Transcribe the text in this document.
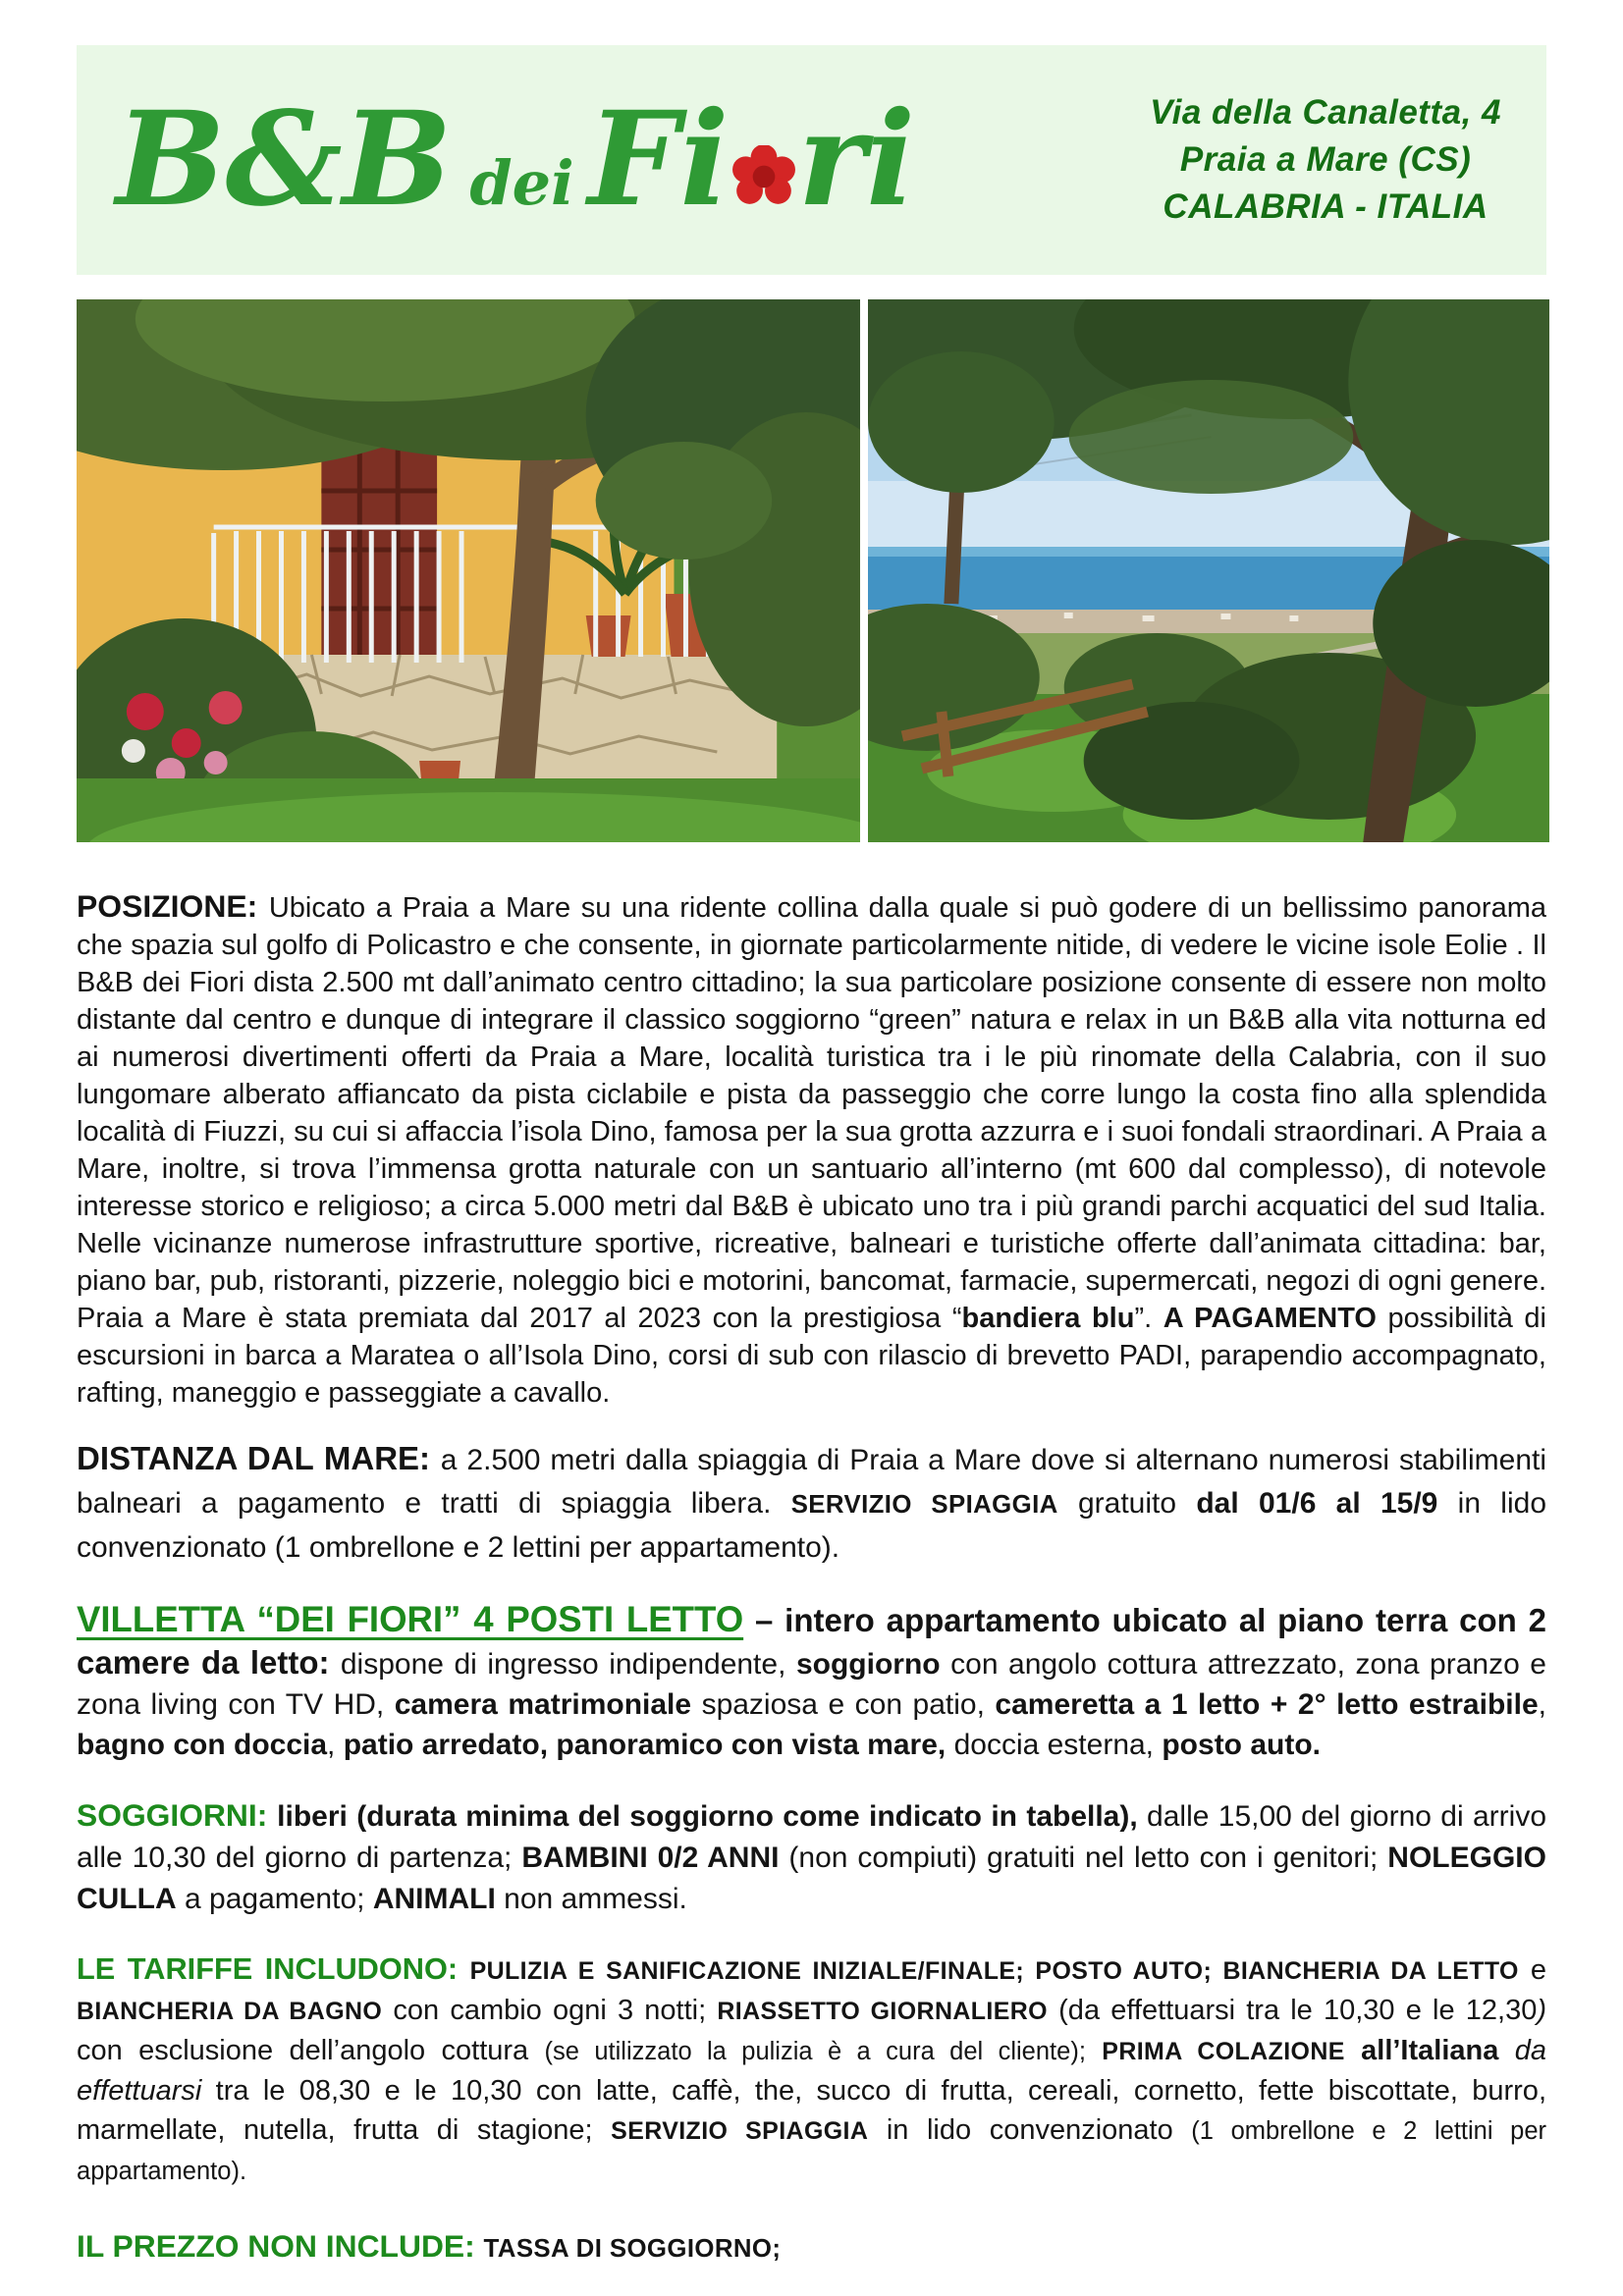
B&B dei Fi ri	Via della Canaletta, 4
Praia a Mare (CS)
CALABRIA - ITALIA

POSIZIONE: Ubicato a Praia a Mare su una ridente collina dalla quale si può godere di un bellissimo panorama che spazia sul golfo di Policastro e che consente, in giornate particolarmente nitide, di vedere le vicine isole Eolie . Il B&B dei Fiori dista 2.500 mt dall’animato centro cittadino; la sua particolare posizione consente di essere non molto distante dal centro e dunque di integrare il classico soggiorno “green” natura e relax in un B&B alla vita notturna ed ai numerosi divertimenti offerti da Praia a Mare, località turistica tra i le più rinomate della Calabria, con il suo lungomare alberato affiancato da pista ciclabile e pista da passeggio che corre lungo la costa fino alla splendida località di Fiuzzi, su cui si affaccia l’isola Dino, famosa per la sua grotta azzurra e i suoi fondali straordinari. A Praia a Mare, inoltre, si trova l’immensa grotta naturale con un santuario all’interno (mt 600 dal complesso), di notevole interesse storico e religioso; a circa 5.000 metri dal B&B è ubicato uno tra i più grandi parchi acquatici del sud Italia. Nelle vicinanze numerose infrastrutture sportive, ricreative, balneari e turistiche offerte dall’animata cittadina: bar, piano bar, pub, ristoranti, pizzerie, noleggio bici e motorini, bancomat, farmacie, supermercati, negozi di ogni genere. Praia a Mare è stata premiata dal 2017 al 2023 con la prestigiosa “bandiera blu”. A PAGAMENTO possibilità di escursioni in barca a Maratea o all’Isola Dino, corsi di sub con rilascio di brevetto PADI, parapendio accompagnato, rafting, maneggio e passeggiate a cavallo.

DISTANZA DAL MARE: a 2.500 metri dalla spiaggia di Praia a Mare dove si alternano numerosi stabilimenti balneari a pagamento e tratti di spiaggia libera. SERVIZIO SPIAGGIA gratuito dal 01/6 al 15/9 in lido convenzionato (1 ombrellone e 2 lettini per appartamento).

VILLETTA “DEI FIORI” 4 POSTI LETTO – intero appartamento ubicato al piano terra con 2 camere da letto: dispone di ingresso indipendente, soggiorno con angolo cottura attrezzato, zona pranzo e zona living con TV HD, camera matrimoniale spaziosa e con patio, cameretta a 1 letto + 2° letto estraibile, bagno con doccia, patio arredato, panoramico con vista mare, doccia esterna, posto auto.

SOGGIORNI: liberi (durata minima del soggiorno come indicato in tabella), dalle 15,00 del giorno di arrivo alle 10,30 del giorno di partenza; BAMBINI 0/2 ANNI (non compiuti) gratuiti nel letto con i genitori; NOLEGGIO CULLA a pagamento; ANIMALI non ammessi.

LE TARIFFE INCLUDONO: PULIZIA E SANIFICAZIONE INIZIALE/FINALE; POSTO AUTO; BIANCHERIA DA LETTO e BIANCHERIA DA BAGNO con cambio ogni 3 notti; RIASSETTO GIORNALIERO (da effettuarsi tra le 10,30 e le 12,30) con esclusione dell’angolo cottura (se utilizzato la pulizia è a cura del cliente); PRIMA COLAZIONE all’Italiana da effettuarsi tra le 08,30 e le 10,30 con latte, caffè, the, succo di frutta, cereali, cornetto, fette biscottate, burro, marmellate, nutella, frutta di stagione; SERVIZIO SPIAGGIA in lido convenzionato (1 ombrellone e 2 lettini per appartamento).

IL PREZZO NON INCLUDE: TASSA DI SOGGIORNO;
